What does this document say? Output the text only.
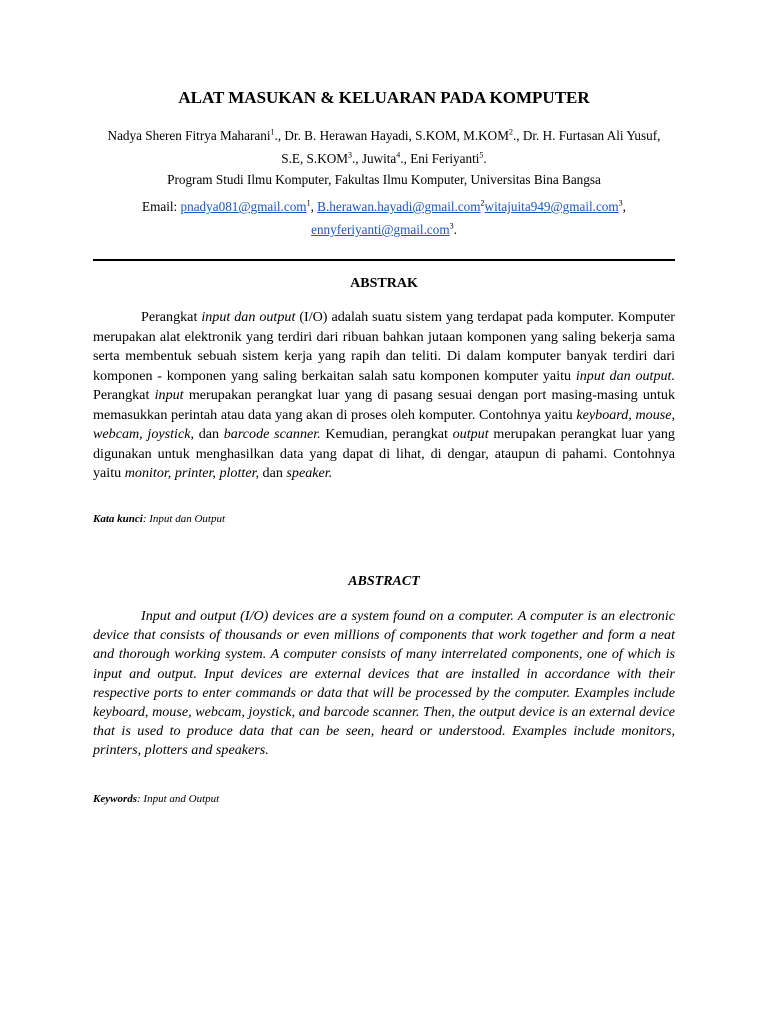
ALAT MASUKAN & KELUARAN PADA KOMPUTER
Nadya Sheren Fitrya Maharani$^1$., Dr. B. Herawan Hayadi, S.KOM, M.KOM$^2$., Dr. H. Furtasan Ali Yusuf, S.E, S.KOM$^3$., Juwita$^4$., Eni Feriyanti$^5$.
Program Studi Ilmu Komputer, Fakultas Ilmu Komputer, Universitas Bina Bangsa
Email: pnadya081@gmail.com$^1$, B.herawan.hayadi@gmail.com$^2$witajuita949@gmail.com$^3$, ennyferiyanti@gmail.com$^3$.
ABSTRAK

Perangkat input dan output (I/O) adalah suatu sistem yang terdapat pada komputer. Komputer merupakan alat elektronik yang terdiri dari ribuan bahkan jutaan komponen yang saling bekerja sama serta membentuk sebuah sistem kerja yang rapih dan teliti. Di dalam komputer banyak terdiri dari komponen - komponen yang saling berkaitan salah satu komponen komputer yaitu input dan output. Perangkat input merupakan perangkat luar yang di pasang sesuai dengan port masing-masing untuk memasukkan perintah atau data yang akan di proses oleh komputer. Contohnya yaitu keyboard, mouse, webcam, joystick, dan barcode scanner. Kemudian, perangkat output merupakan perangkat luar yang digunakan untuk menghasilkan data yang dapat di lihat, di dengar, ataupun di pahami. Contohnya yaitu monitor, printer, plotter, dan speaker.

Kata kunci: Input dan Output
ABSTRACT

Input and output (I/O) devices are a system found on a computer. A computer is an electronic device that consists of thousands or even millions of components that work together and form a neat and thorough working system. A computer consists of many interrelated components, one of which is input and output. Input devices are external devices that are installed in accordance with their respective ports to enter commands or data that will be processed by the computer. Examples include keyboard, mouse, webcam, joystick, and barcode scanner. Then, the output device is an external device that is used to produce data that can be seen, heard or understood. Examples include monitors, printers, plotters and speakers.

Keywords: Input and Output
